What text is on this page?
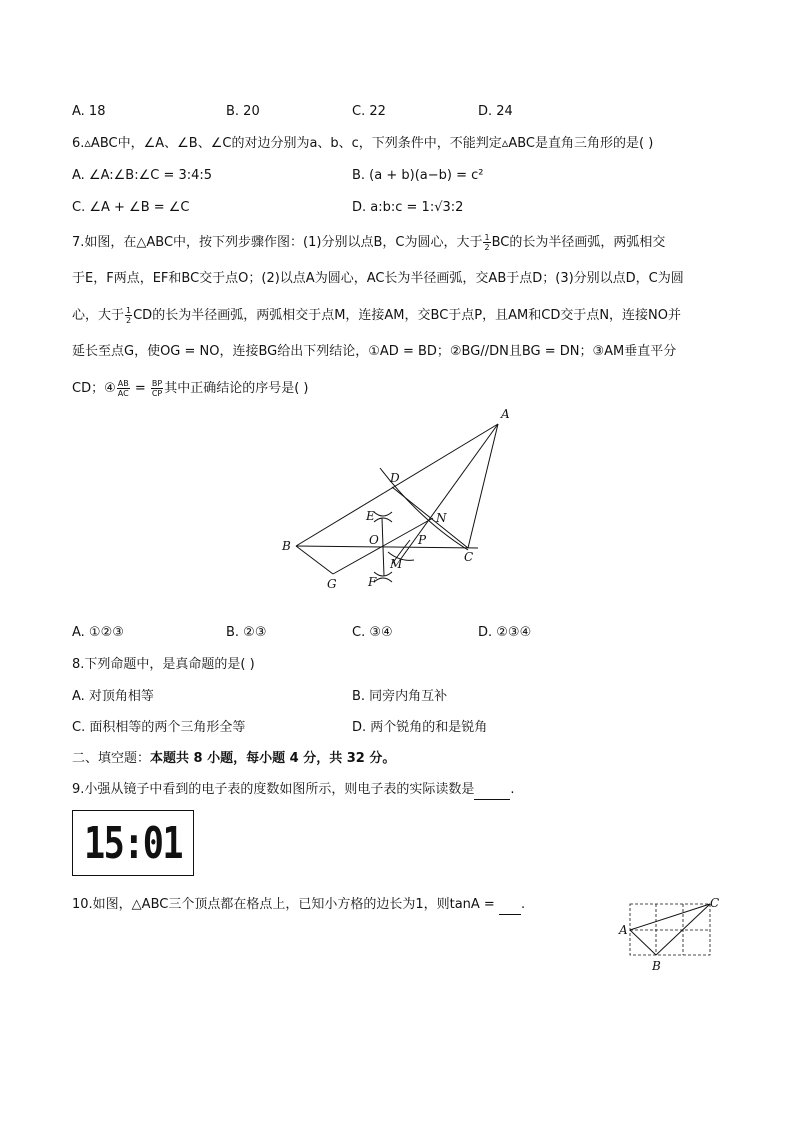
A. 18	B. 20	C. 22	D. 24
6.▵ABC中，∠A、∠B、∠C的对边分别为a、b、c，下列条件中，不能判定▵ABC是直角三角形的是( )
A. ∠A:∠B:∠C = 3:4:5	B. (a + b)(a−b) = c²
C. ∠A + ∠B = ∠C	D. a:b:c = 1:√3:2
7.如图，在△ABC中，按下列步骤作图：(1)分别以点B，C为圆心，大于 $\frac{1}{2}$ BC的长为半径画弧，两弧相交
于E，F两点，EF和BC交于点O；(2)以点A为圆心，AC长为半径画弧，交AB于点D；(3)分别以点D，C为圆
心，大于 $\frac{1}{2}$ CD的长为半径画弧，两弧相交于点M，连接AM，交BC于点P，且AM和CD交于点N，连接NO并
延长至点G，使OG = NO，连接BG给出下列结论，①AD = BD；②BG//DN且BG = DN；③AM垂直平分
CD；④ $\frac{AB}{AC} = \frac{BP}{CP}$ 其中正确结论的序号是( )
A
B
C
D
E
F
G
O	P
M
N
A. ①②③	B. ②③	C. ③④	D. ②③④
8.下列命题中，是真命题的是( )
A. 对顶角相等	B. 同旁内角互补
C. 面积相等的两个三角形全等	D. 两个锐角的和是锐角
二、填空题：本题共 8 小题，每小题 4 分，共 32 分。
9.小强从镜子中看到的电子表的度数如图所示，则电子表的实际读数是	.
15:01
10.如图，△ABC三个顶点都在格点上，已知小方格的边长为1，则tanA =  .
A
B
C
